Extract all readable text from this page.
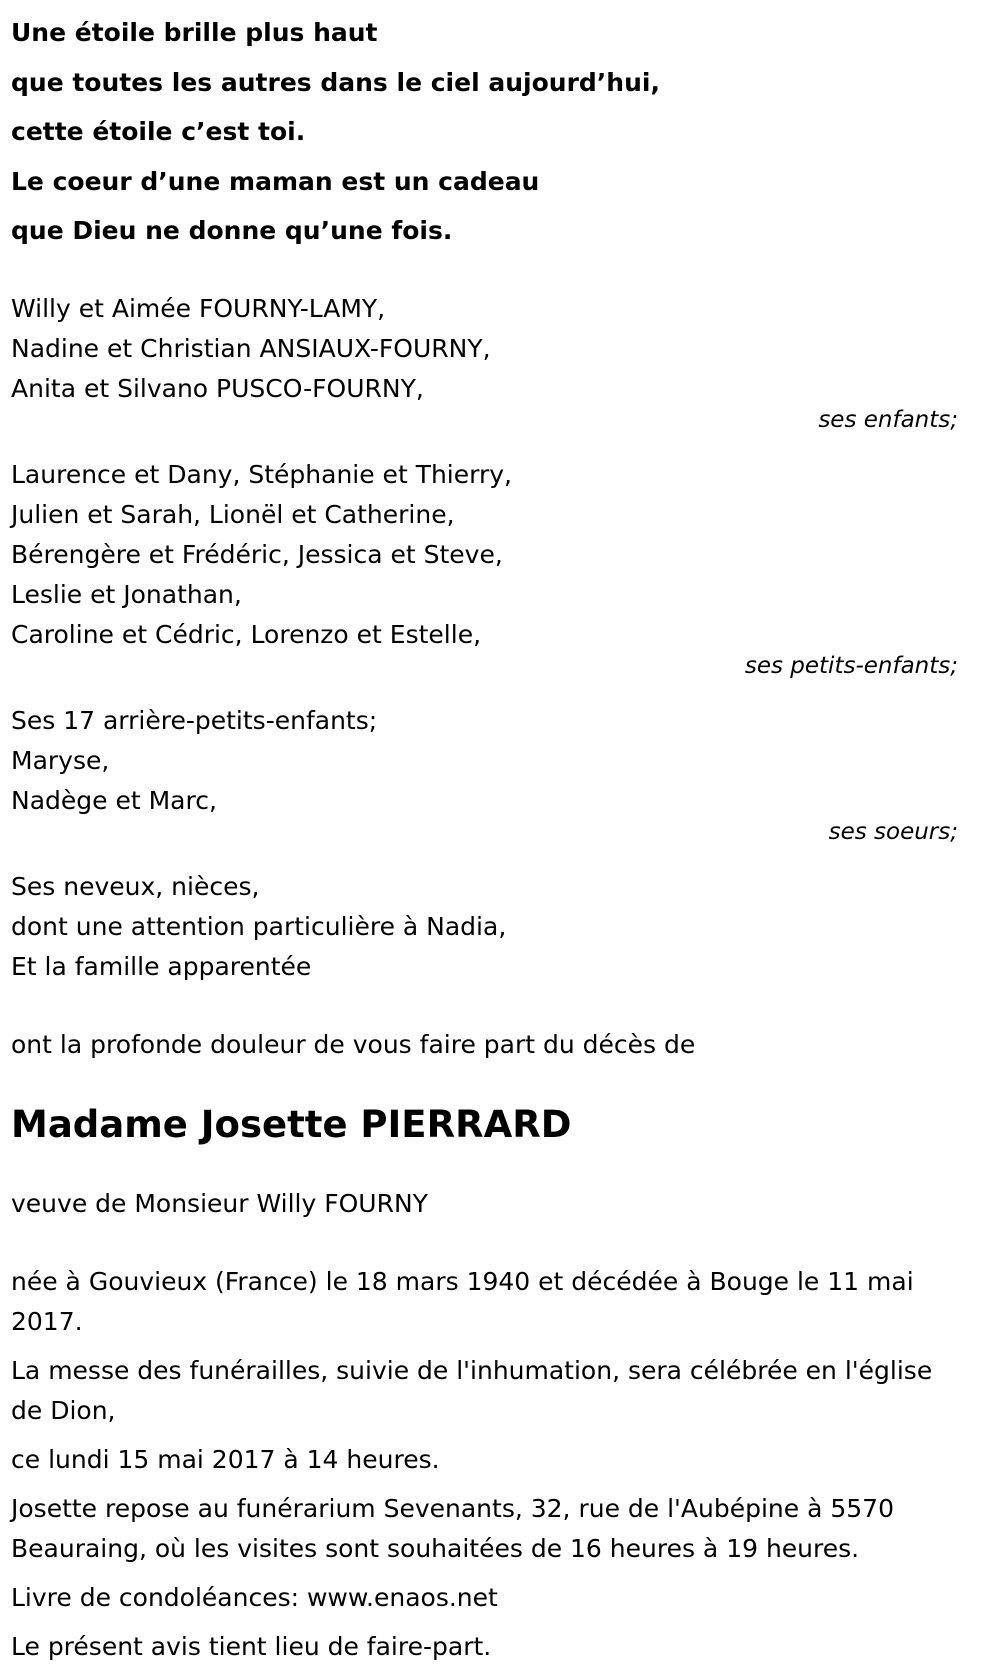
Une étoile brille plus haut
que toutes les autres dans le ciel aujourd’hui,
cette étoile c’est toi.
Le coeur d’une maman est un cadeau
que Dieu ne donne qu’une fois.
Willy et Aimée FOURNY-LAMY,
Nadine et Christian ANSIAUX-FOURNY,
Anita et Silvano PUSCO-FOURNY,
ses enfants;
Laurence et Dany, Stéphanie et Thierry,
Julien et Sarah, Lionël et Catherine,
Bérengère et Frédéric, Jessica et Steve,
Leslie et Jonathan,
Caroline et Cédric, Lorenzo et Estelle,
ses petits-enfants;
Ses 17 arrière-petits-enfants;
Maryse,
Nadège et Marc,
ses soeurs;
Ses neveux, nièces,
dont une attention particulière à Nadia,
Et la famille apparentée
ont la profonde douleur de vous faire part du décès de
Madame Josette PIERRARD
veuve de Monsieur Willy FOURNY
née à Gouvieux (France) le 18 mars 1940 et décédée à Bouge le 11 mai 2017.
La messe des funérailles, suivie de l'inhumation, sera célébrée en l'église de Dion,
ce lundi 15 mai 2017 à 14 heures.
Josette repose au funérarium Sevenants, 32, rue de l'Aubépine à 5570 Beauraing, où les visites sont souhaitées de 16 heures à 19 heures.
Livre de condoléances: www.enaos.net
Le présent avis tient lieu de faire-part.
